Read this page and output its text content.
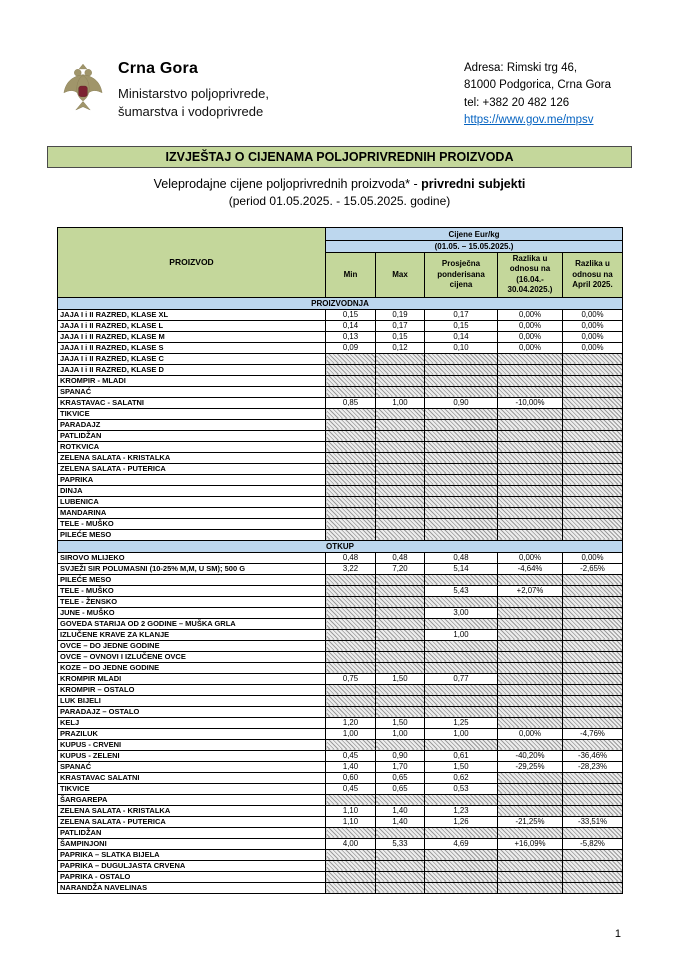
Crna Gora
Ministarstvo poljoprivrede,
šumarstva i vodoprivrede
Adresa: Rimski trg 46,
81000 Podgorica, Crna Gora
tel: +382 20 482 126
https://www.gov.me/mpsv
IZVJEŠTAJ O CIJENAMA POLJOPRIVREDNIH PROIZVODA
Veleprodajne cijene poljoprivrednih proizvoda* - privredni subjekti
(period 01.05.2025. - 15.05.2025. godine)
PROIZVOD	Cijene Eur/kg				
	(01.05. – 15.05.2025.)				
	Min	Max	Prosječna ponderisana cijena	Razlika u odnosu na (16.04.- 30.04.2025.)	Razlika u odnosu na April 2025.
PROIZVODNJA					
JAJA I i II RAZRED, KLASE XL	0,15	0,19	0,17	0,00%	0,00%
JAJA I i II RAZRED, KLASE L	0,14	0,17	0,15	0,00%	0,00%
JAJA I i II RAZRED, KLASE M	0,13	0,15	0,14	0,00%	0,00%
JAJA I i II RAZRED, KLASE S	0,09	0,12	0,10	0,00%	0,00%
JAJA I i II RAZRED, KLASE C					
JAJA I i II RAZRED, KLASE D					
KROMPIR - MLADI					
SPANAĆ					
KRASTAVAC - SALATNI	0,85	1,00	0,90	-10,00%	
TIKVICE					
PARADAJZ					
PATLIDŽAN					
ROTKVICA					
ZELENA SALATA - KRISTALKA					
ZELENA SALATA - PUTERICA					
PAPRIKA					
DINJA					
LUBENICA					
MANDARINA					
TELE - MUŠKO					
PILEĆE MESO					
OTKUP					
SIROVO MLIJEKO	0,48	0,48	0,48	0,00%	0,00%
SVJEŽI SIR POLUMASNI (10-25% M,M, U SM); 500 G	3,22	7,20	5,14	-4,64%	-2,65%
PILEĆE MESO					
TELE - MUŠKO			5,43	+2,07%	
TELE - ŽENSKO					
JUNE - MUŠKO			3,00		
GOVEDA STARIJA OD 2 GODINE – MUŠKA GRLA					
IZLUČENE KRAVE ZA KLANJE			1,00		
OVCE – DO JEDNE GODINE					
OVCE – OVNOVI I IZLUČENE OVCE					
KOZE – DO JEDNE GODINE					
KROMPIR MLADI	0,75	1,50	0,77		
KROMPIR – OSTALO					
LUK BIJELI					
PARADAJZ – OSTALO					
KELJ	1,20	1,50	1,25		
PRAZILUK	1,00	1,00	1,00	0,00%	-4,76%
KUPUS - CRVENI					
KUPUS - ZELENI	0,45	0,90	0,61	-40,20%	-36,46%
SPANAĆ	1,40	1,70	1,50	-29,25%	-28,23%
KRASTAVAC SALATNI	0,60	0,65	0,62		
TIKVICE	0,45	0,65	0,53		
ŠARGAREPA					
ZELENA SALATA - KRISTALKA	1,10	1,40	1,23		
ZELENA SALATA - PUTERICA	1,10	1,40	1,26	-21,25%	-33,51%
PATLIDŽAN					
ŠAMPINJONI	4,00	5,33	4,69	+16,09%	-5,82%
PAPRIKA – SLATKA BIJELA					
PAPRIKA – DUGULJASTA CRVENA					
PAPRIKA - OSTALO					
NARANDŽA NAVELINAS					
1
